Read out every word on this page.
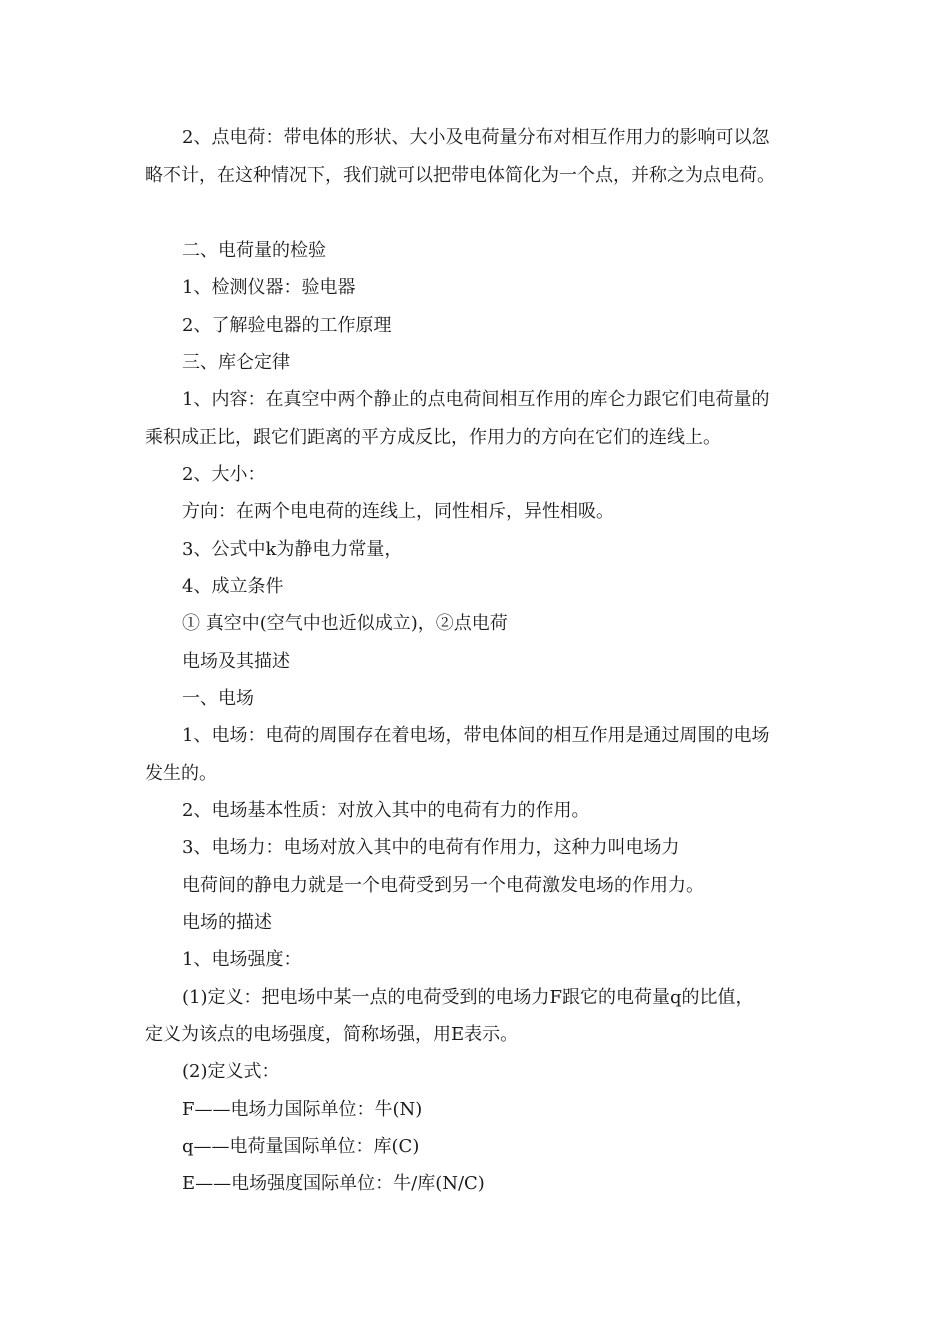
2、点电荷：带电体的形状、大小及电荷量分布对相互作用力的影响可以忽
略不计，在这种情况下，我们就可以把带电体简化为一个点，并称之为点电荷。
二、电荷量的检验
1、检测仪器：验电器
2、了解验电器的工作原理
三、库仑定律
1、内容：在真空中两个静止的点电荷间相互作用的库仑力跟它们电荷量的
乘积成正比，跟它们距离的平方成反比，作用力的方向在它们的连线上。
2、大小：
方向：在两个电电荷的连线上，同性相斥，异性相吸。
3、公式中k为静电力常量，
4、成立条件
① 真空中(空气中也近似成立)，②点电荷
电场及其描述
一、电场
1、电场：电荷的周围存在着电场，带电体间的相互作用是通过周围的电场
发生的。
2、电场基本性质：对放入其中的电荷有力的作用。
3、电场力：电场对放入其中的电荷有作用力，这种力叫电场力
电荷间的静电力就是一个电荷受到另一个电荷激发电场的作用力。
电场的描述
1、电场强度：
(1)定义：把电场中某一点的电荷受到的电场力F跟它的电荷量q的比值，
定义为该点的电场强度，简称场强，用E表示。
(2)定义式：
F——电场力国际单位：牛(N)
q——电荷量国际单位：库(C)
E——电场强度国际单位：牛/库(N/C)
